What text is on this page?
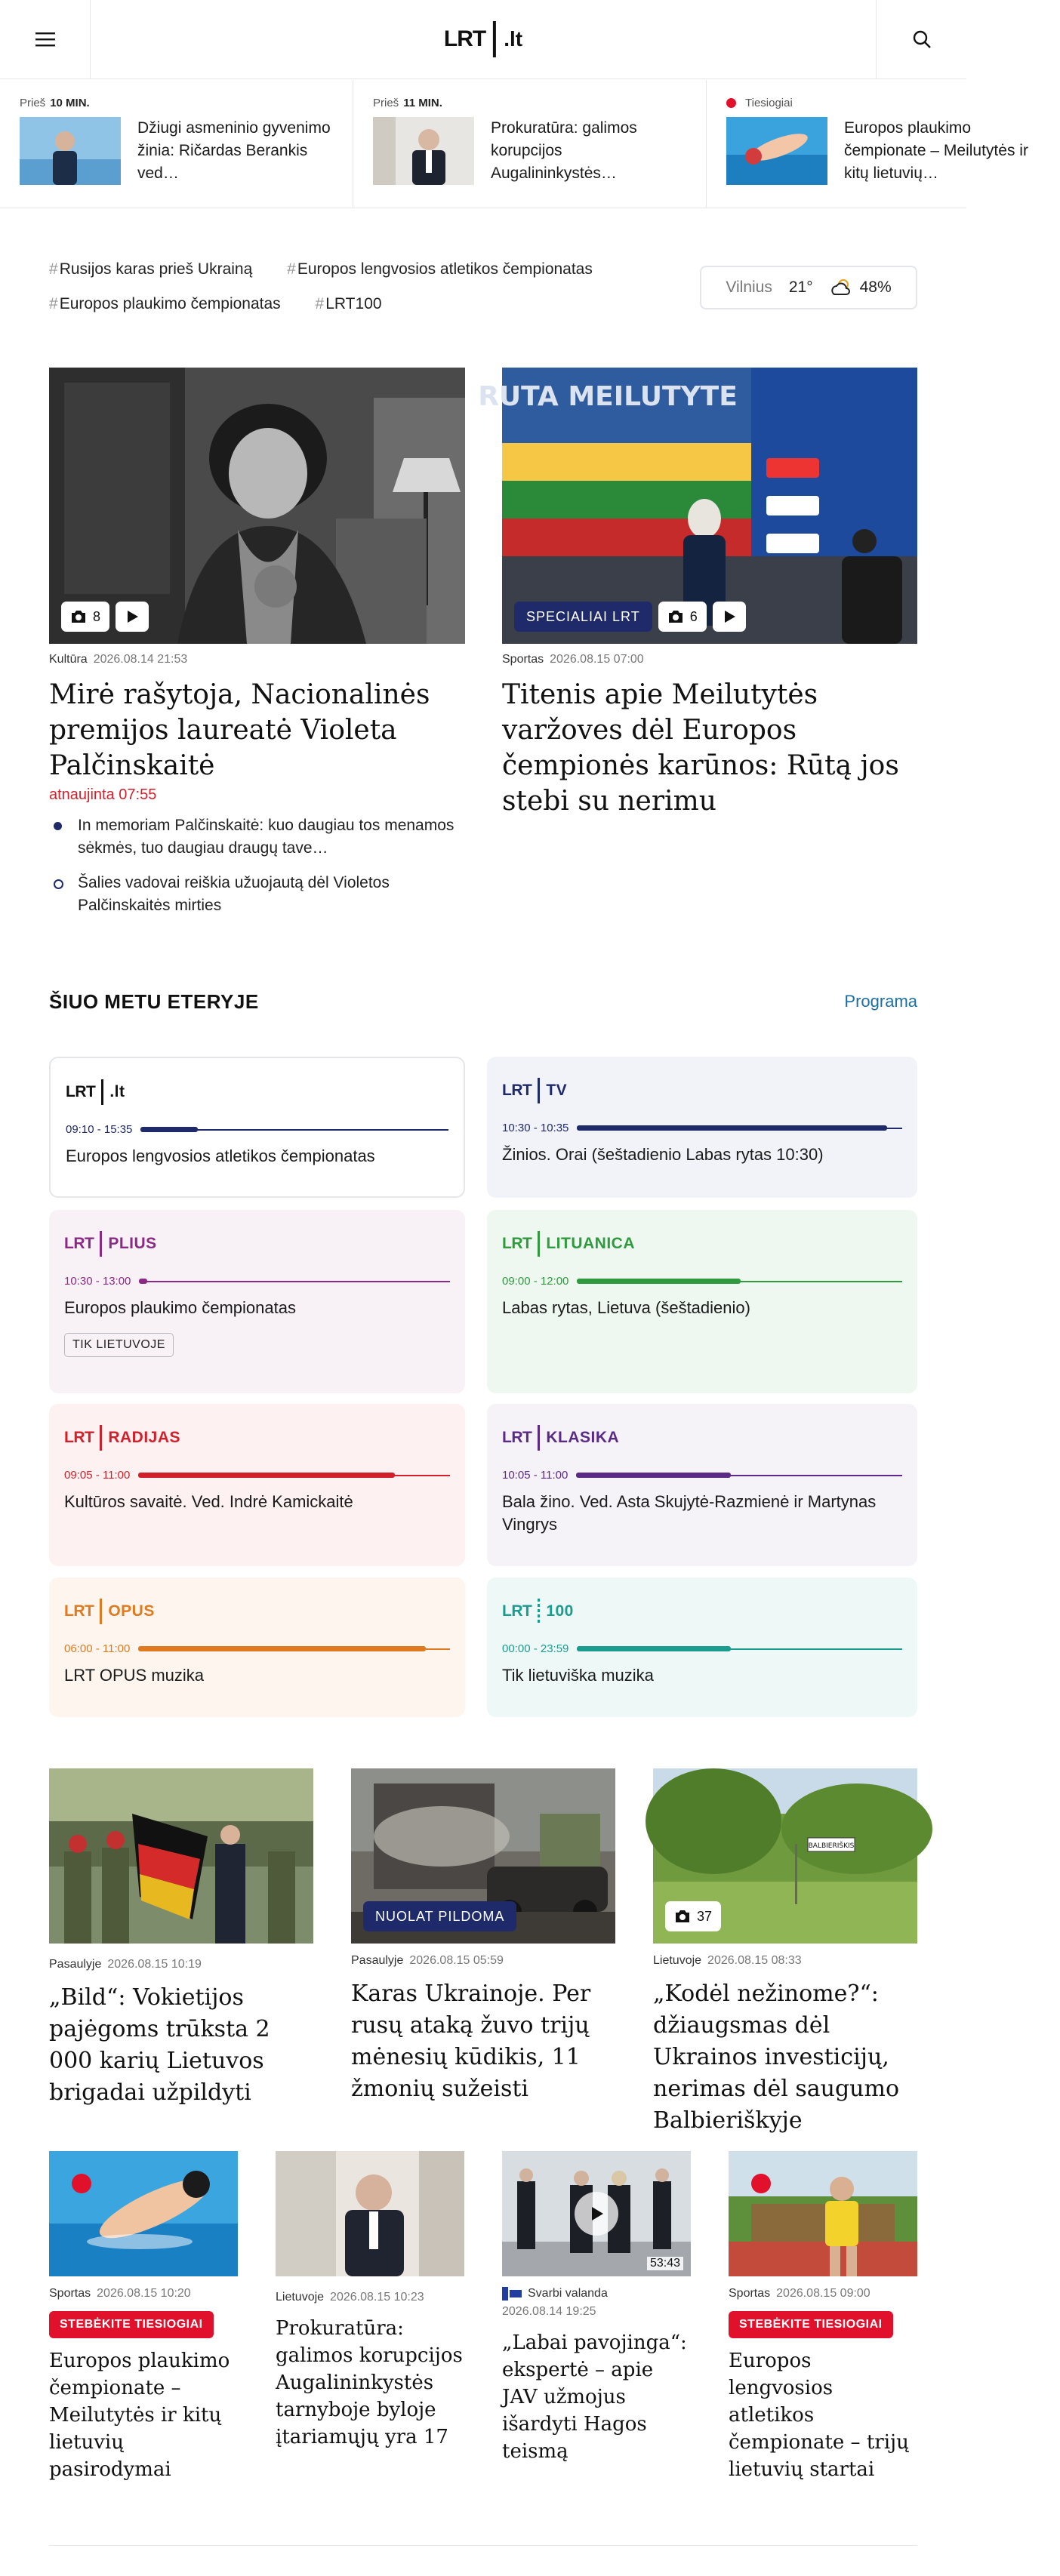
LRT .lt
Prieš 10 MIN.
Džiugi asmeninio gyvenimo žinia: Ričardas Berankis ved…
Prieš 11 MIN.
Prokuratūra: galimos korupcijos Augalininkystės…
Tiesiogiai
Europos plaukimo čempionate – Meilutytės ir kitų lietuvių…
#Rusijos karas prieš Ukrainą #Europos lengvosios atletikos čempionatas
#Europos plaukimo čempionatas #LRT100
Vilnius 21°	48%
8
Kultūra 2026.08.14 21:53
Mirė rašytoja, Nacionalinės premijos laureatė Violeta Palčinskaitė
atnaujinta 07:55
In memoriam Palčinskaitė: kuo daugiau tos menamos sėkmės, tuo daugiau draugų tave…
Šalies vadovai reiškia užuojautą dėl Violetos Palčinskaitės mirties
RUTA MEILUTYTE
SPECIALIAI LRT	6
Sportas 2026.08.15 07:00
Titenis apie Meilutytės varžoves dėl Europos čempionės karūnos: Rūtą jos stebi su nerimu
ŠIUO METU ETERYJE	Programa
LRT .lt
09:10 - 15:35
Europos lengvosios atletikos čempionatas
LRT TV
10:30 - 10:35
Žinios. Orai (šeštadienio Labas rytas 10:30)
LRT PLIUS
10:30 - 13:00
Europos plaukimo čempionatas
TIK LIETUVOJE
LRT LITUANICA
09:00 - 12:00
Labas rytas, Lietuva (šeštadienio)
LRT RADIJAS
09:05 - 11:00
Kultūros savaitė. Ved. Indrė Kamickaitė
LRT KLASIKA
10:05 - 11:00
Bala žino. Ved. Asta Skujytė-Razmienė ir Martynas Vingrys
LRT OPUS
06:00 - 11:00
LRT OPUS muzika
LRT 100
00:00 - 23:59
Tik lietuviška muzika
Pasaulyje 2026.08.15 10:19
„Bild“: Vokietijos pajėgoms trūksta 2 000 karių Lietuvos brigadai užpildyti
NUOLAT PILDOMA
Pasaulyje 2026.08.15 05:59
Karas Ukrainoje. Per rusų ataką žuvo trijų mėnesių kūdikis, 11 žmonių sužeisti
BALBIERIŠKIS
37
Lietuvoje 2026.08.15 08:33
„Kodėl nežinome?“: džiaugsmas dėl Ukrainos investicijų, nerimas dėl saugumo Balbieriškyje
Sportas 2026.08.15 10:20
STEBĖKITE TIESIOGIAI
Europos plaukimo čempionate – Meilutytės ir kitų lietuvių pasirodymai
Lietuvoje 2026.08.15 10:23
Prokuratūra: galimos korupcijos Augalininkystės tarnyboje byloje įtariamųjų yra 17
53:43
Svarbi valanda
2026.08.14 19:25
„Labai pavojinga“: ekspertė – apie JAV užmojus išardyti Hagos teismą
Sportas 2026.08.15 09:00
STEBĖKITE TIESIOGIAI
Europos lengvosios atletikos čempionate – trijų lietuvių startai
